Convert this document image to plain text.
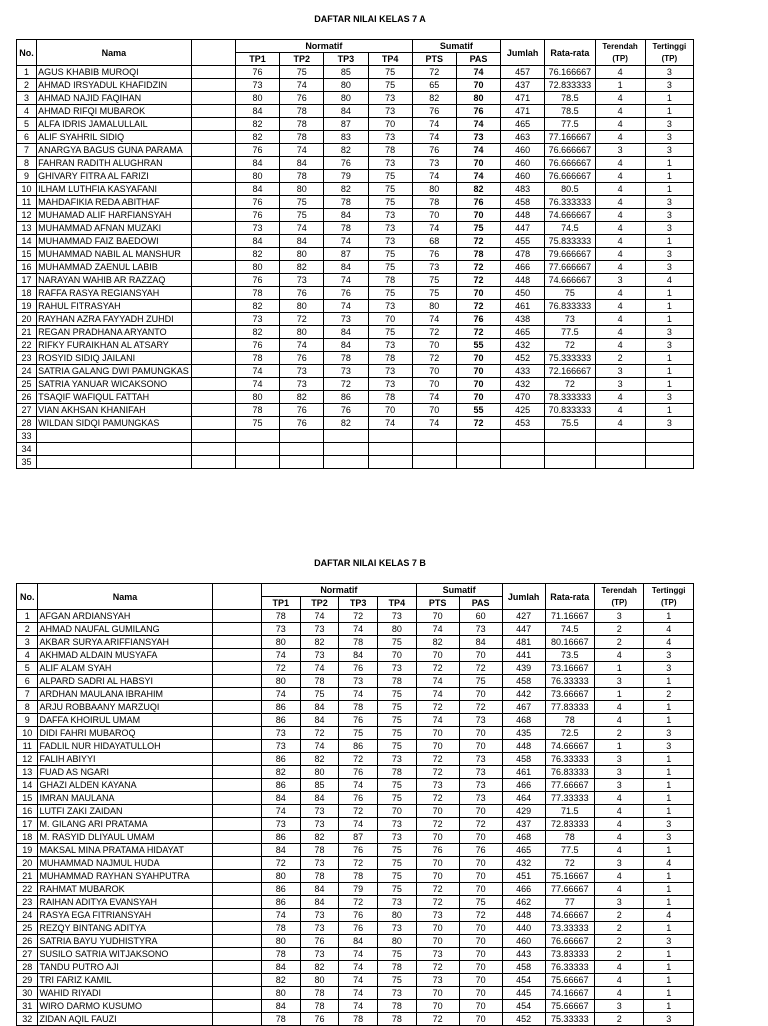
DAFTAR NILAI KELAS 7 A
No.	Nama		Normatif				Sumatif		Jumlah	Rata-rata	Terendah (TP)	Tertinggi (TP)
			TP1	TP2	TP3	TP4	PTS	PAS				
1	AGUS KHABIB MUROQI		76	75	85	75	72	74	457	76.166667	4	3
2	AHMAD IRSYADUL KHAFIDZIN		73	74	80	75	65	70	437	72.833333	1	3
3	AHMAD NAJID FAQIHAN		80	76	80	73	82	80	471	78.5	4	1
4	AHMAD RIFQI MUBAROK		84	78	84	73	76	76	471	78.5	4	1
5	ALFA IDRIS JAMALULLAIL		82	78	87	70	74	74	465	77.5	4	3
6	ALIF SYAHRIL SIDIQ		82	78	83	73	74	73	463	77.166667	4	3
7	ANARGYA BAGUS GUNA PARAMA		76	74	82	78	76	74	460	76.666667	3	3
8	FAHRAN RADITH ALUGHRAN		84	84	76	73	73	70	460	76.666667	4	1
9	GHIVARY FITRA AL FARIZI		80	78	79	75	74	74	460	76.666667	4	1
10	ILHAM LUTHFIA KASYAFANI		84	80	82	75	80	82	483	80.5	4	1
11	MAHDAFIKIA REDA ABITHAF		76	75	78	75	78	76	458	76.333333	4	3
12	MUHAMAD ALIF HARFIANSYAH		76	75	84	73	70	70	448	74.666667	4	3
13	MUHAMMAD AFNAN MUZAKI		73	74	78	73	74	75	447	74.5	4	3
14	MUHAMMAD FAIZ BAEDOWI		84	84	74	73	68	72	455	75.833333	4	1
15	MUHAMMAD NABIL AL MANSHUR		82	80	87	75	76	78	478	79.666667	4	3
16	MUHAMMAD ZAENUL LABIB		80	82	84	75	73	72	466	77.666667	4	3
17	NARAYAN WAHIB AR RAZZAQ		76	73	74	78	75	72	448	74.666667	3	4
18	RAFFA RASYA REGIANSYAH		78	76	76	75	75	70	450	75	4	1
19	RAHUL FITRASYAH		82	80	74	73	80	72	461	76.833333	4	1
20	RAYHAN AZRA FAYYADH ZUHDI		73	72	73	70	74	76	438	73	4	1
21	REGAN PRADHANA ARYANTO		82	80	84	75	72	72	465	77.5	4	3
22	RIFKY FURAIKHAN AL ATSARY		76	74	84	73	70	55	432	72	4	3
23	ROSYID SIDIQ JAILANI		78	76	78	78	72	70	452	75.333333	2	1
24	SATRIA GALANG DWI PAMUNGKAS		74	73	73	73	70	70	433	72.166667	3	1
25	SATRIA YANUAR WICAKSONO		74	73	72	73	70	70	432	72	3	1
26	TSAQIF WAFIQUL FATTAH		80	82	86	78	74	70	470	78.333333	4	3
27	VIAN AKHSAN KHANIFAH		78	76	76	70	70	55	425	70.833333	4	1
28	WILDAN SIDQI PAMUNGKAS		75	76	82	74	74	72	453	75.5	4	3
33												
34												
35												
DAFTAR NILAI KELAS 7 B
No.	Nama		Normatif				Sumatif		Jumlah	Rata-rata	Terendah (TP)	Tertinggi (TP)
			TP1	TP2	TP3	TP4	PTS	PAS				
1	AFGAN ARDIANSYAH		78	74	72	73	70	60	427	71.16667	3	1
2	AHMAD NAUFAL GUMILANG		73	73	74	80	74	73	447	74.5	2	4
3	AKBAR SURYA ARIFFIANSYAH		80	82	78	75	82	84	481	80.16667	2	4
4	AKHMAD ALDAIN MUSYAFA		74	73	84	70	70	70	441	73.5	4	3
5	ALIF ALAM SYAH		72	74	76	73	72	72	439	73.16667	1	3
6	ALPARD SADRI AL HABSYI		80	78	73	78	74	75	458	76.33333	3	1
7	ARDHAN MAULANA IBRAHIM		74	75	74	75	74	70	442	73.66667	1	2
8	ARJU ROBBAANY MARZUQI		86	84	78	75	72	72	467	77.83333	4	1
9	DAFFA KHOIRUL UMAM		86	84	76	75	74	73	468	78	4	1
10	DIDI FAHRI MUBAROQ		73	72	75	75	70	70	435	72.5	2	3
11	FADLIL NUR HIDAYATULLOH		73	74	86	75	70	70	448	74.66667	1	3
12	FALIH ABIYYI		86	82	72	73	72	73	458	76.33333	3	1
13	FUAD AS NGARI		82	80	76	78	72	73	461	76.83333	3	1
14	GHAZI ALDEN KAYANA		86	85	74	75	73	73	466	77.66667	3	1
15	IMRAN MAULANA		84	84	76	75	72	73	464	77.33333	4	1
16	LUTFI ZAKI ZAIDAN		74	73	72	70	70	70	429	71.5	4	1
17	M. GILANG ARI PRATAMA		73	73	74	73	72	72	437	72.83333	4	3
18	M. RASYID DLIYAUL UMAM		86	82	87	73	70	70	468	78	4	3
19	MAKSAL MINA PRATAMA HIDAYAT		84	78	76	75	76	76	465	77.5	4	1
20	MUHAMMAD NAJMUL HUDA		72	73	72	75	70	70	432	72	3	4
21	MUHAMMAD RAYHAN SYAHPUTRA		80	78	78	75	70	70	451	75.16667	4	1
22	RAHMAT MUBAROK		86	84	79	75	72	70	466	77.66667	4	1
23	RAIHAN ADITYA EVANSYAH		86	84	72	73	72	75	462	77	3	1
24	RASYA EGA FITRIANSYAH		74	73	76	80	73	72	448	74.66667	2	4
25	REZQY BINTANG ADITYA		78	73	76	73	70	70	440	73.33333	2	1
26	SATRIA BAYU YUDHISTYRA		80	76	84	80	70	70	460	76.66667	2	3
27	SUSILO SATRIA WITJAKSONO		78	73	74	75	73	70	443	73.83333	2	1
28	TANDU PUTRO AJI		84	82	74	78	72	70	458	76.33333	4	1
29	TRI FARIZ KAMIL		82	80	74	75	73	70	454	75.66667	4	1
30	WAHID RIYADI		80	78	74	73	70	70	445	74.16667	4	1
31	WIRO DARMO KUSUMO		84	78	74	78	70	70	454	75.66667	3	1
32	ZIDAN AQIL FAUZI		78	76	78	78	72	70	452	75.33333	2	3
